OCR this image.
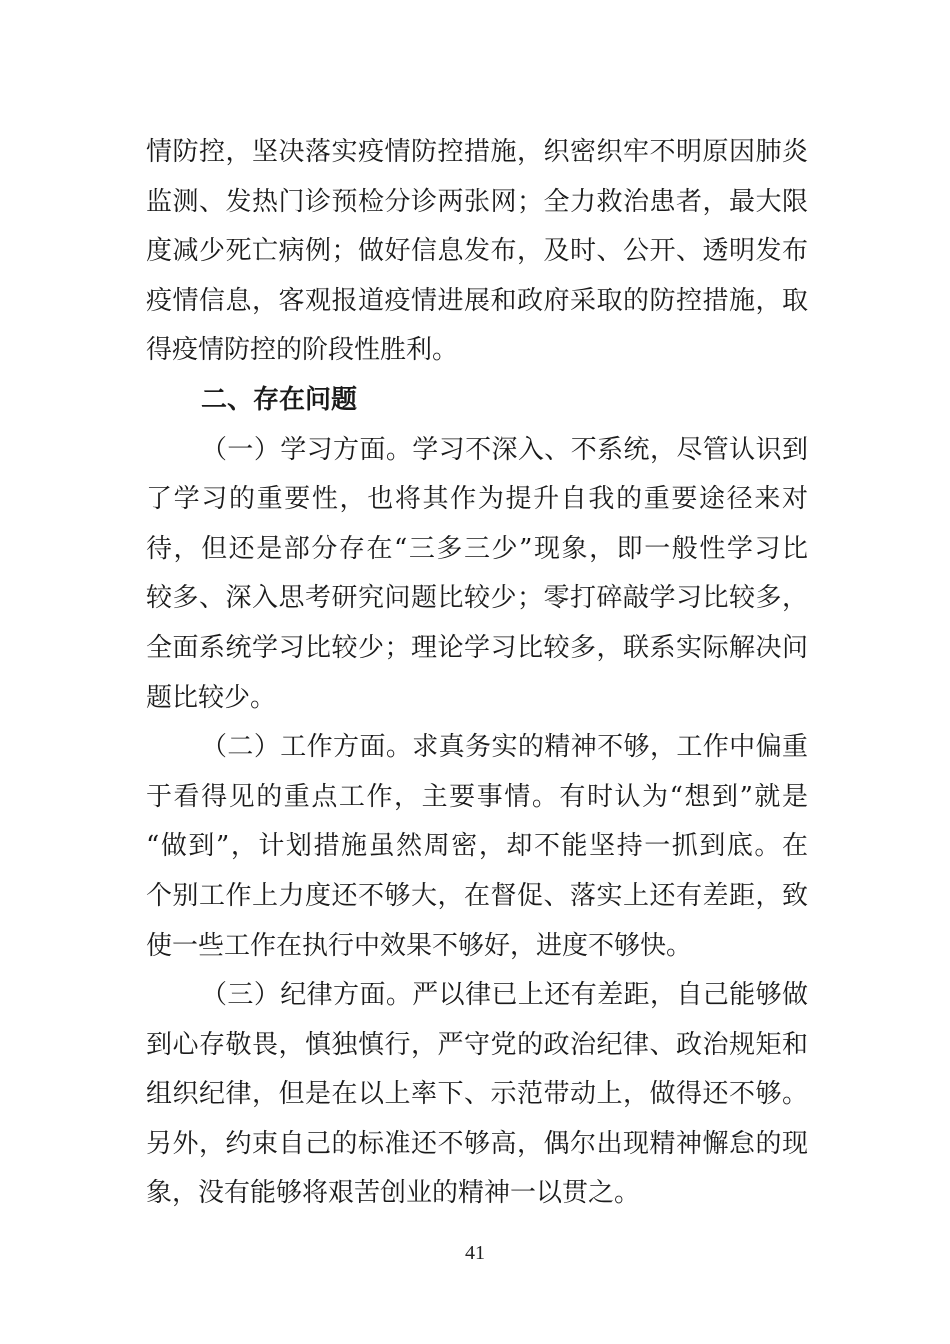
情防控，坚决落实疫情防控措施，织密织牢不明原因肺炎
监测、发热门诊预检分诊两张网；全力救治患者，最大限
度减少死亡病例；做好信息发布，及时、公开、透明发布
疫情信息，客观报道疫情进展和政府采取的防控措施，取
得疫情防控的阶段性胜利。
二、存在问题
（一）学习方面。学习不深入、不系统，尽管认识到
了学习的重要性，也将其作为提升自我的重要途径来对
待，但还是部分存在“三多三少”现象，即一般性学习比
较多、深入思考研究问题比较少；零打碎敲学习比较多，
全面系统学习比较少；理论学习比较多，联系实际解决问
题比较少。
（二）工作方面。求真务实的精神不够，工作中偏重
于看得见的重点工作，主要事情。有时认为“想到”就是
“做到”，计划措施虽然周密，却不能坚持一抓到底。在
个别工作上力度还不够大，在督促、落实上还有差距，致
使一些工作在执行中效果不够好，进度不够快。
（三）纪律方面。严以律已上还有差距，自己能够做
到心存敬畏，慎独慎行，严守党的政治纪律、政治规矩和
组织纪律，但是在以上率下、示范带动上，做得还不够。
另外，约束自己的标准还不够高，偶尔出现精神懈怠的现
象，没有能够将艰苦创业的精神一以贯之。
41
